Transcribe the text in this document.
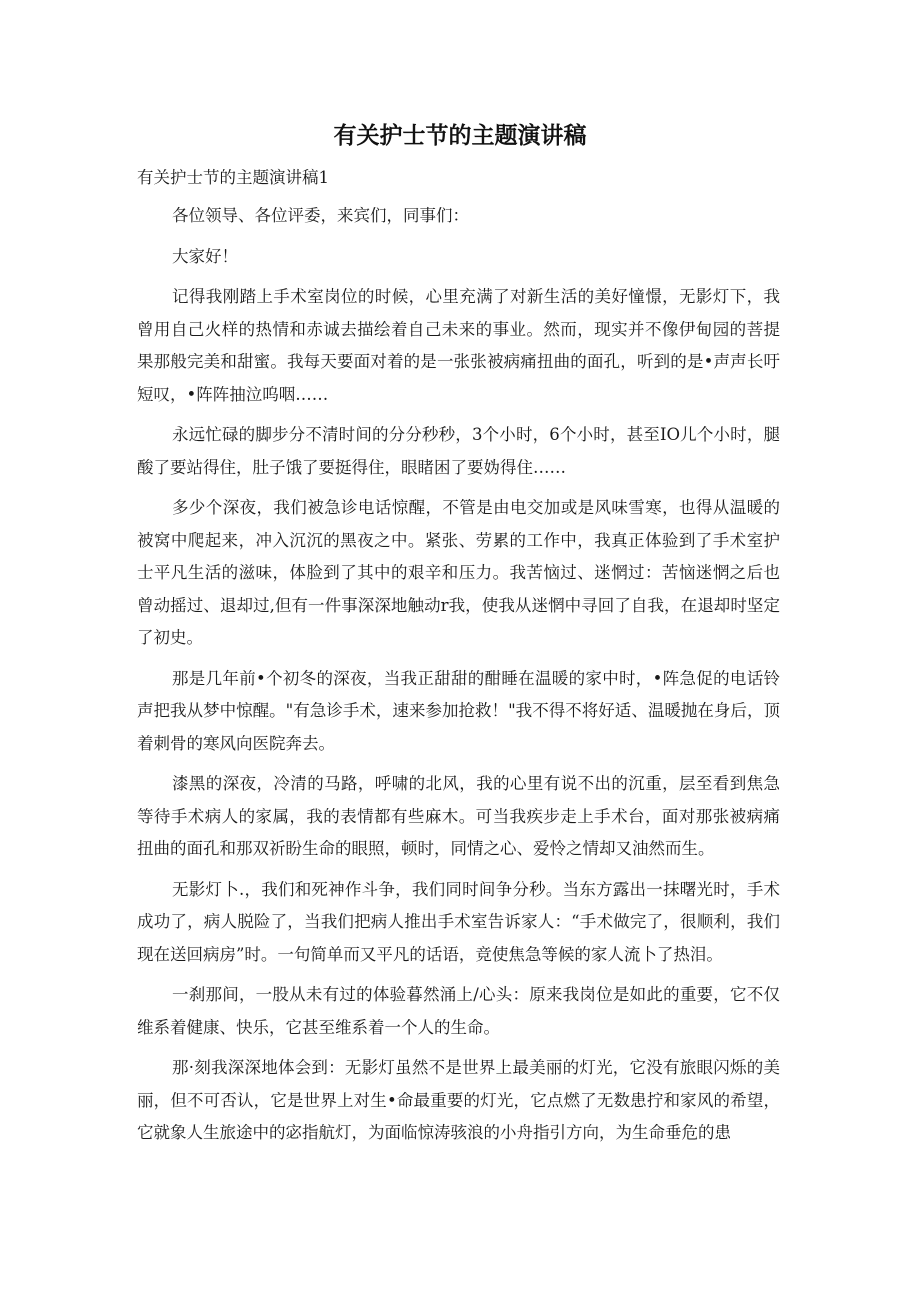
有关护士节的主题演讲稿

有关护士节的主题演讲稿1

各位领导、各位评委，来宾们，同事们：

大家好！

记得我刚踏上手术室岗位的时候，心里充满了对新生活的美好憧憬，无影灯下，我曾用自己火样的热情和赤诚去描绘着自己未来的事业。然而，现实并不像伊甸园的菩提果那般完美和甜蜜。我每天要面对着的是一张张被病痛扭曲的面孔，听到的是•声声长吁短叹，•阵阵抽泣呜咽……

永远忙碌的脚步分不清时间的分分秒秒，3个小时，6个小时，甚至IO儿个小时，腿酸了要站得住，肚子饿了要挺得住，眼睹困了要妫得住……

多少个深夜，我们被急诊电话惊醒，不管是由电交加或是风味雪寒，也得从温暖的被窝中爬起来，冲入沉沉的黑夜之中。紧张、劳累的工作中，我真正体验到了手术室护士平凡生活的滋味，体脸到了其中的艰辛和压力。我苦恼过、迷惘过：苦恼迷惘之后也曾动摇过、退却过,但有一件事深深地触动r我，使我从迷惘中寻回了自我，在退却时坚定了初史。

那是几年前•个初冬的深夜，当我正甜甜的酣睡在温暖的家中时，•阵急促的电话铃声把我从梦中惊醒。"有急诊手术，速来参加抢救！"我不得不将好适、温暖抛在身后，顶着刺骨的寒风向医院奔去。

漆黑的深夜，冷清的马路，呼啸的北风，我的心里有说不出的沉重，层至看到焦急等待手术病人的家属，我的表情都有些麻木。可当我疾步走上手术台，面对那张被病痛扭曲的面孔和那双祈盼生命的眼照，顿时，同情之心、爱怜之情却又油然而生。

无影灯卜.，我们和死神作斗争，我们同时间争分秒。当东方露出一抹曙光时，手术成功了，病人脱险了，当我们把病人推出手术室告诉家人：“手术做完了，很顺利，我们现在送回病房”时。一句简单而又平凡的话语，竞使焦急等候的家人流卜了热泪。

一刹那间，一股从未有过的体验暮然涌上/心头：原来我岗位是如此的重要，它不仅维系着健康、快乐，它甚至维系着一个人的生命。

那·刻我深深地体会到：无影灯虽然不是世界上最美丽的灯光，它没有旅眼闪烁的美丽，但不可否认，它是世界上对生•命最重要的灯光，它点燃了无数患拧和家风的希望，它就象人生旅途中的宓指航灯，为面临惊涛骇浪的小舟指引方向，为生命垂危的患
